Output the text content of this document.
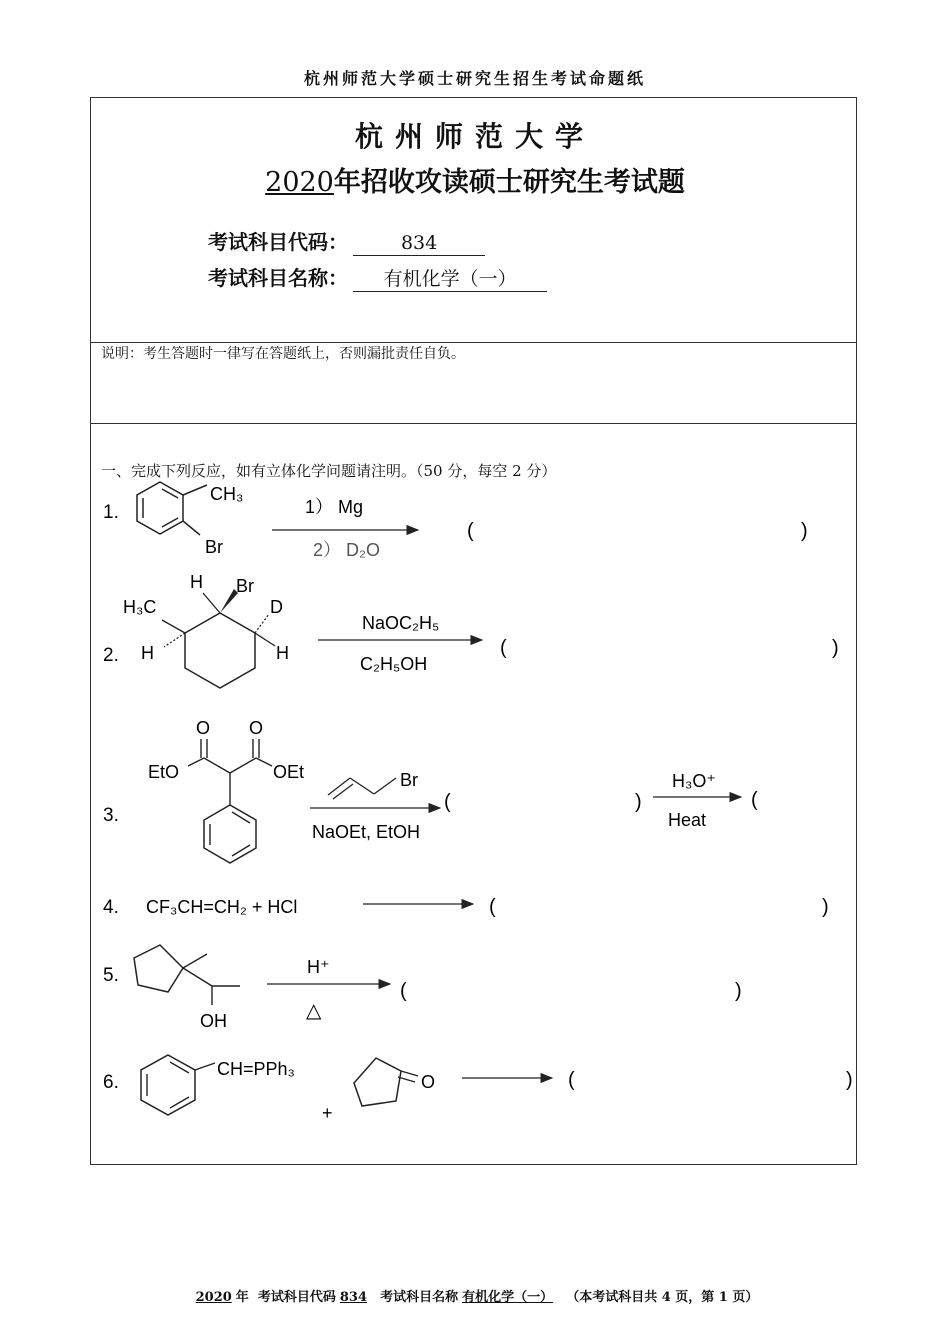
杭州师范大学硕士研究生招生考试命题纸
杭州师范大学
2020年招收攻读硕士研究生考试题
考试科目代码：	834
考试科目名称： 有机化学（一）
说明：考生答题时一律写在答题纸上，否则漏批责任自负。
一、完成下列反应，如有立体化学问题请注明。（50 分，每空 2 分）
1.
CH₃
Br
1） Mg
2） D₂O
(	)
2.
H Br
D
H₃C
H	H
NaOC₂H₅
C₂H₅OH
(	)
3.
O O
EtO	OEt	Br
NaOEt, EtOH
(	)
H₃O⁺
Heat
(
4. CF₃CH=CH₂ + HCl	(	)
5.
OH
H⁺
△
(	)
6.
CH=PPh₃
+
O	(	)
2020 年 考试科目代码 834 考试科目名称 有机化学（一） （本考试科目共 4 页，第 1 页）
